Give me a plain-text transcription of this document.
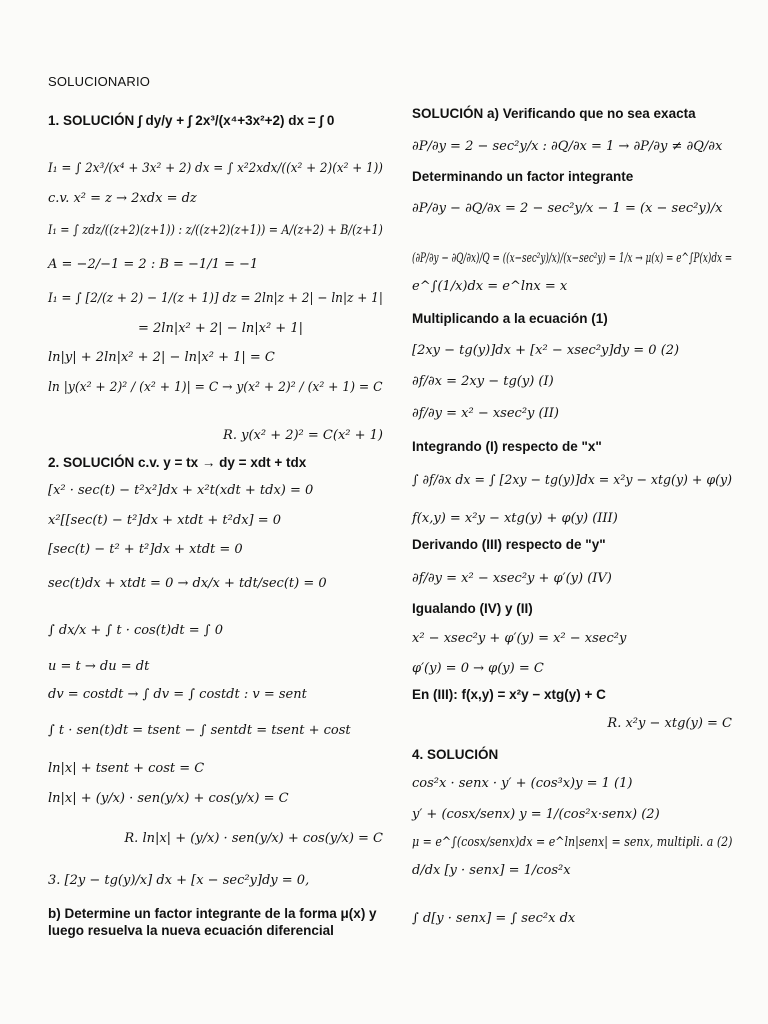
SOLUCIONARIO
1. SOLUCIÓN ∫ dy/y + ∫ 2x³/(x⁴+3x²+2) dx = ∫ 0
I₁ = ∫ 2x³/(x⁴ + 3x² + 2) dx = ∫ x²2xdx/((x² + 2)(x² + 1))
c.v. x² = z → 2xdx = dz
I₁ = ∫ zdz/((z+2)(z+1)) : z/((z+2)(z+1)) = A/(z+2) + B/(z+1)
A = −2/−1 = 2 : B = −1/1 = −1
I₁ = ∫ [2/(z + 2) − 1/(z + 1)] dz = 2ln|z + 2| − ln|z + 1|
= 2ln|x² + 2| − ln|x² + 1|
ln|y| + 2ln|x² + 2| − ln|x² + 1| = C
ln |y(x² + 2)² / (x² + 1)| = C → y(x² + 2)² / (x² + 1) = C
R. y(x² + 2)² = C(x² + 1)
2. SOLUCIÓN c.v. y = tx → dy = xdt + tdx
[x² · sec(t) − t²x²]dx + x²t(xdt + tdx) = 0
x²[[sec(t) − t²]dx + xtdt + t²dx] = 0
[sec(t) − t² + t²]dx + xtdt = 0
sec(t)dx + xtdt = 0 → dx/x + tdt/sec(t) = 0
∫ dx/x + ∫ t · cos(t)dt = ∫ 0
u = t → du = dt
dv = costdt → ∫ dv = ∫ costdt : v = sent
∫ t · sen(t)dt = tsent − ∫ sentdt = tsent + cost
ln|x| + tsent + cost = C
ln|x| + (y/x) · sen(y/x) + cos(y/x) = C
R. ln|x| + (y/x) · sen(y/x) + cos(y/x) = C
3. [2y − tg(y)/x] dx + [x − sec²y]dy = 0,
b) Determine un factor integrante de la forma μ(x) y
luego resuelva la nueva ecuación diferencial
SOLUCIÓN a) Verificando que no sea exacta
∂P/∂y = 2 − sec²y/x : ∂Q/∂x = 1 → ∂P/∂y ≠ ∂Q/∂x
Determinando un factor integrante
∂P/∂y − ∂Q/∂x = 2 − sec²y/x − 1 = (x − sec²y)/x
(∂P/∂y − ∂Q/∂x)/Q = ((x−sec²y)/x)/(x−sec²y) = 1/x → μ(x) = e^∫P(x)dx =
e^∫(1/x)dx = e^lnx = x
Multiplicando a la ecuación (1)
[2xy − tg(y)]dx + [x² − xsec²y]dy = 0 (2)
∂f/∂x = 2xy − tg(y) (I)
∂f/∂y = x² − xsec²y (II)
Integrando (I) respecto de "x"
∫ ∂f/∂x dx = ∫ [2xy − tg(y)]dx = x²y − xtg(y) + φ(y)
f(x,y) = x²y − xtg(y) + φ(y) (III)
Derivando (III) respecto de "y"
∂f/∂y = x² − xsec²y + φ′(y) (IV)
Igualando (IV) y (II)
x² − xsec²y + φ′(y) = x² − xsec²y
φ′(y) = 0 → φ(y) = C
En (III): f(x,y) = x²y − xtg(y) + C
R. x²y − xtg(y) = C
4. SOLUCIÓN
cos²x · senx · y′ + (cos³x)y = 1 (1)
y′ + (cosx/senx) y = 1/(cos²x·senx) (2)
μ = e^∫(cosx/senx)dx = e^ln|senx| = senx, multipli. a (2)
d/dx [y · senx] = 1/cos²x
∫ d[y · senx] = ∫ sec²x dx
